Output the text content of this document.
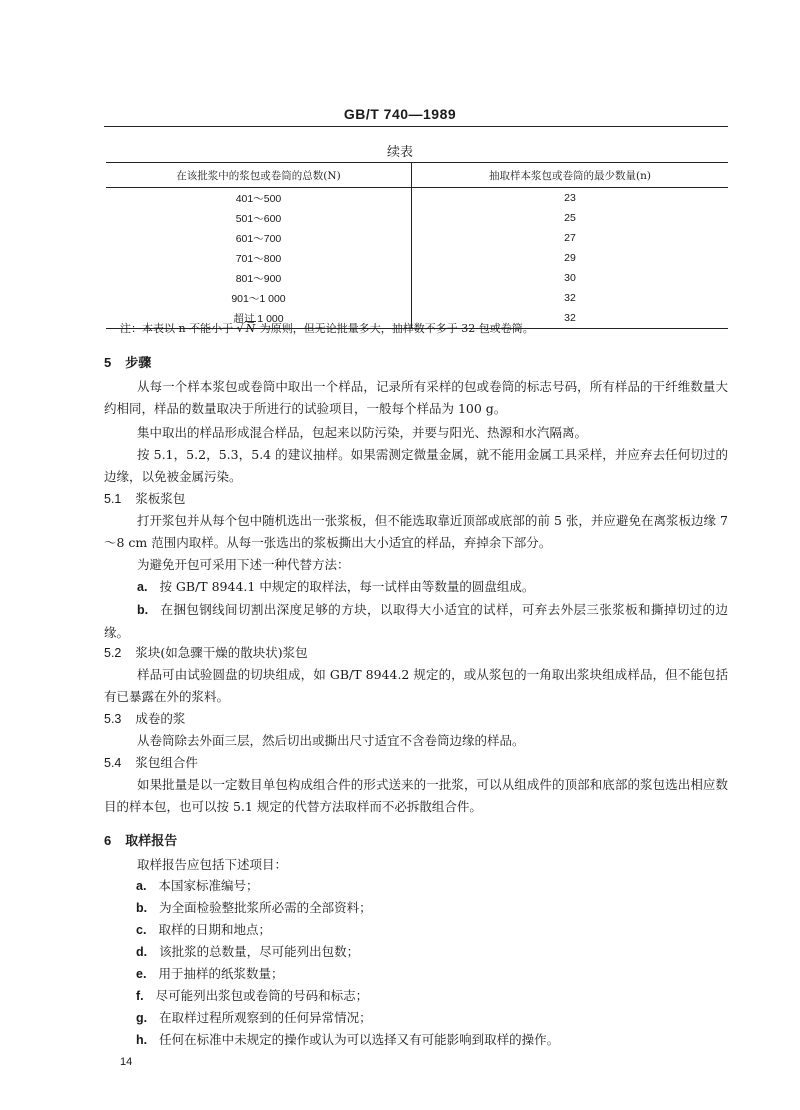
GB/T 740—1989
续表
在该批浆中的浆包或卷筒的总数(N)	抽取样本浆包或卷筒的最少数量(n)
401～500	23
501～600	25
601～700	27
701～800	29
801～900	30
901～1 000	32
超过 1 000	32
注：本表以 n 不能小于 √ N 为原则，但无论批量多大，抽样数不多于 32 包或卷筒。
5 步骤

从每一个样本浆包或卷筒中取出一个样品，记录所有采样的包或卷筒的标志号码，所有样品的干纤维数量大约相同，样品的数量取决于所进行的试验项目，一般每个样品为 100 g。

集中取出的样品形成混合样品，包起来以防污染，并要与阳光、热源和水汽隔离。

按 5.1，5.2，5.3，5.4 的建议抽样。如果需测定微量金属，就不能用金属工具采样，并应弃去任何切过的边缘，以免被金属污染。

5.1 浆板浆包

打开浆包并从每个包中随机选出一张浆板，但不能选取靠近顶部或底部的前 5 张，并应避免在离浆板边缘 7～8 cm 范围内取样。从每一张选出的浆板撕出大小适宜的样品，弃掉余下部分。

为避免开包可采用下述一种代替方法：

a. 按 GB/T 8944.1 中规定的取样法，每一试样由等数量的圆盘组成。

b. 在捆包钢线间切割出深度足够的方块，以取得大小适宜的试样，可弃去外层三张浆板和撕掉切过的边缘。

5.2 浆块(如急骤干燥的散块状)浆包

样品可由试验圆盘的切块组成，如 GB/T 8944.2 规定的，或从浆包的一角取出浆块组成样品，但不能包括有已暴露在外的浆料。

5.3 成卷的浆

从卷筒除去外面三层，然后切出或撕出尺寸适宜不含卷筒边缘的样品。

5.4 浆包组合件

如果批量是以一定数目单包构成组合件的形式送来的一批浆，可以从组成件的顶部和底部的浆包选出相应数目的样本包，也可以按 5.1 规定的代替方法取样而不必拆散组合件。

6 取样报告

取样报告应包括下述项目：

a. 本国家标准编号；
b. 为全面检验整批浆所必需的全部资料；
c. 取样的日期和地点；
d. 该批浆的总数量，尽可能列出包数；
e. 用于抽样的纸浆数量；
f. 尽可能列出浆包或卷筒的号码和标志；
g. 在取样过程所观察到的任何异常情况；
h. 任何在标准中未规定的操作或认为可以选择又有可能影响到取样的操作。
14
